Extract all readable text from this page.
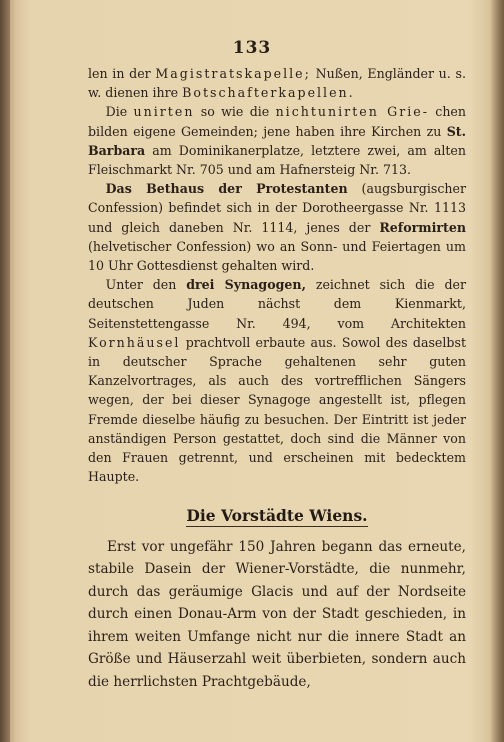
133

len in der Magistratskapelle; Nußen, Engländer u. s. w. dienen ihre Botschafterkapellen.

Die unirten so wie die nichtunirten Grie- chen bilden eigene Gemeinden; jene haben ihre Kirchen zu St. Barbara am Dominikanerplatze, letztere zwei, am alten Fleischmarkt Nr. 705 und am Hafnersteig Nr. 713.

Das Bethaus der Protestanten (augsburgischer Confession) befindet sich in der Dorotheergasse Nr. 1113 und gleich daneben Nr. 1114, jenes der Reformirten (helvetischer Confession) wo an Sonn- und Feiertagen um 10 Uhr Gottesdienst gehalten wird.

Unter den drei Synagogen, zeichnet sich die der deutschen Juden nächst dem Kienmarkt, Seitenstettengasse Nr. 494, vom Architekten Kornhäusel prachtvoll erbaute aus. Sowol des daselbst in deutscher Sprache gehaltenen sehr guten Kanzelvortrages, als auch des vortrefflichen Sängers wegen, der bei dieser Synagoge angestellt ist, pflegen Fremde dieselbe häufig zu besuchen. Der Eintritt ist jeder anständigen Person gestattet, doch sind die Männer von den Frauen getrennt, und erscheinen mit bedecktem Haupte.

Die Vorstädte Wiens.

Erst vor ungefähr 150 Jahren begann das erneute, stabile Dasein der Wiener-Vorstädte, die nunmehr, durch das geräumige Glacis und auf der Nordseite durch einen Donau-Arm von der Stadt geschieden, in ihrem weiten Umfange nicht nur die innere Stadt an Größe und Häuserzahl weit überbieten, sondern auch die herrlichsten Prachtgebäude,
